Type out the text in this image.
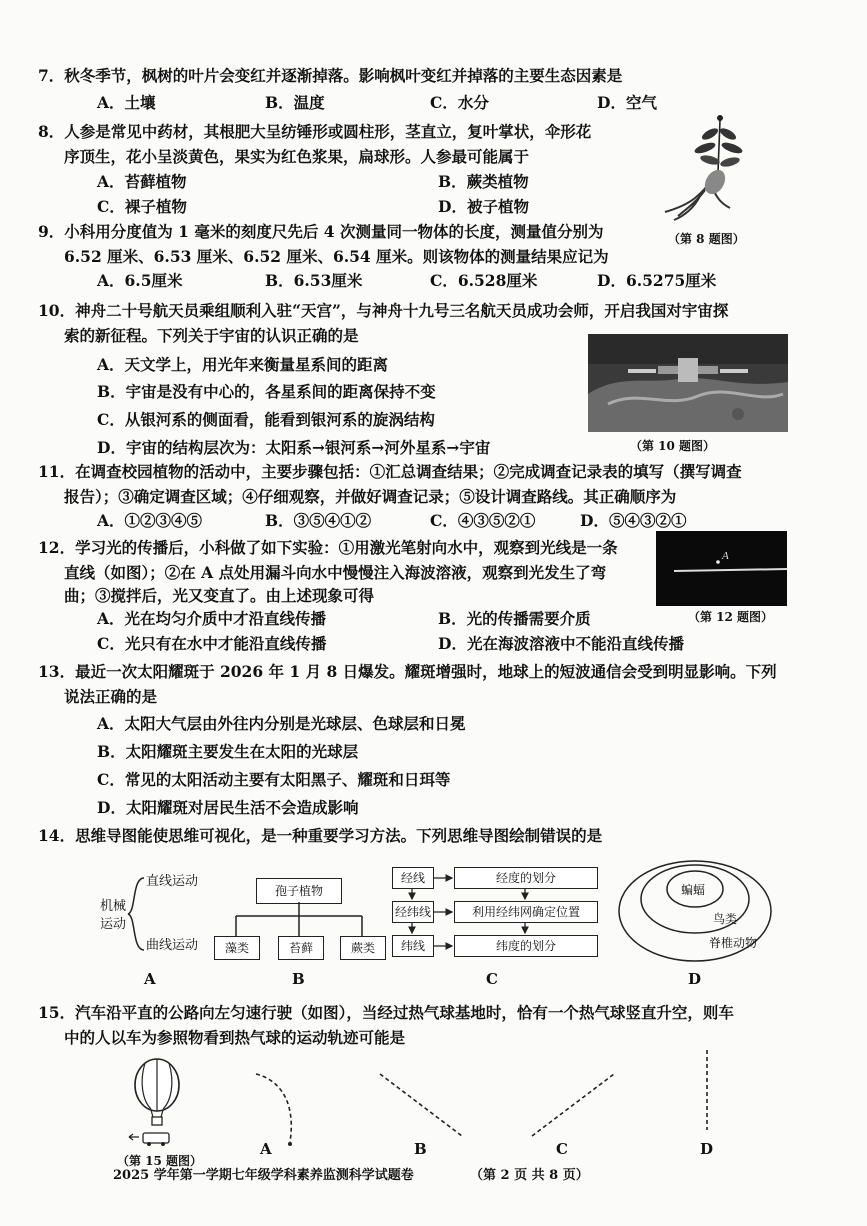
7．秋冬季节，枫树的叶片会变红并逐渐掉落。影响枫叶变红并掉落的主要生态因素是
A．土壤	B．温度	C．水分	D．空气
8．人参是常见中药材，其根肥大呈纺锤形或圆柱形，茎直立，复叶掌状，伞形花
序顶生，花小呈淡黄色，果实为红色浆果，扁球形。人参最可能属于
A．苔藓植物	B．蕨类植物
C．裸子植物	D．被子植物
（第 8 题图）
9．小科用分度值为 1 毫米的刻度尺先后 4 次测量同一物体的长度，测量值分别为
6.52 厘米、6.53 厘米、6.52 厘米、6.54 厘米。则该物体的测量结果应记为
A．6.5厘米	B．6.53厘米	C．6.528厘米	D．6.5275厘米
10．神舟二十号航天员乘组顺利入驻“天宫”，与神舟十九号三名航天员成功会师，开启我国对宇宙探
索的新征程。下列关于宇宙的认识正确的是
A．天文学上，用光年来衡量星系间的距离
B．宇宙是没有中心的，各星系间的距离保持不变
C．从银河系的侧面看，能看到银河系的旋涡结构
D．宇宙的结构层次为：太阳系→银河系→河外星系→宇宙	（第 10 题图）
11．在调查校园植物的活动中，主要步骤包括：①汇总调查结果；②完成调查记录表的填写（撰写调查
报告）；③确定调查区域；④仔细观察，并做好调查记录；⑤设计调查路线。其正确顺序为
A．①②③④⑤	B．③⑤④①②	C．④③⑤②①	D．⑤④③②①
12．学习光的传播后，小科做了如下实验：①用激光笔射向水中，观察到光线是一条
直线（如图）；②在 A 点处用漏斗向水中慢慢注入海波溶液，观察到光发生了弯
曲；③搅拌后，光又变直了。由上述现象可得
A．光在均匀介质中才沿直线传播	B．光的传播需要介质
C．光只有在水中才能沿直线传播	D．光在海波溶液中不能沿直线传播
A
（第 12 题图）
13．最近一次太阳耀斑于 2026 年 1 月 8 日爆发。耀斑增强时，地球上的短波通信会受到明显影响。下列
说法正确的是
A．太阳大气层由外往内分别是光球层、色球层和日冕
B．太阳耀斑主要发生在太阳的光球层
C．常见的太阳活动主要有太阳黑子、耀斑和日珥等
D．太阳耀斑对居民生活不会造成影响
14．思维导图能使思维可视化，是一种重要学习方法。下列思维导图绘制错误的是
机械运动
直线运动
曲线运动
孢子植物
藻类	苔藓	蕨类
经线
经纬线
纬线
经度的划分
利用经纬网确定位置
纬度的划分
蝙蝠
鸟类
脊椎动物
A	B	C	D
15．汽车沿平直的公路向左匀速行驶（如图），当经过热气球基地时，恰有一个热气球竖直升空，则车
中的人以车为参照物看到热气球的运动轨迹可能是
（第 15 题图）
A	B	C	D
2025 学年第一学期七年级学科素养监测科学试题卷	（第 2 页 共 8 页）
